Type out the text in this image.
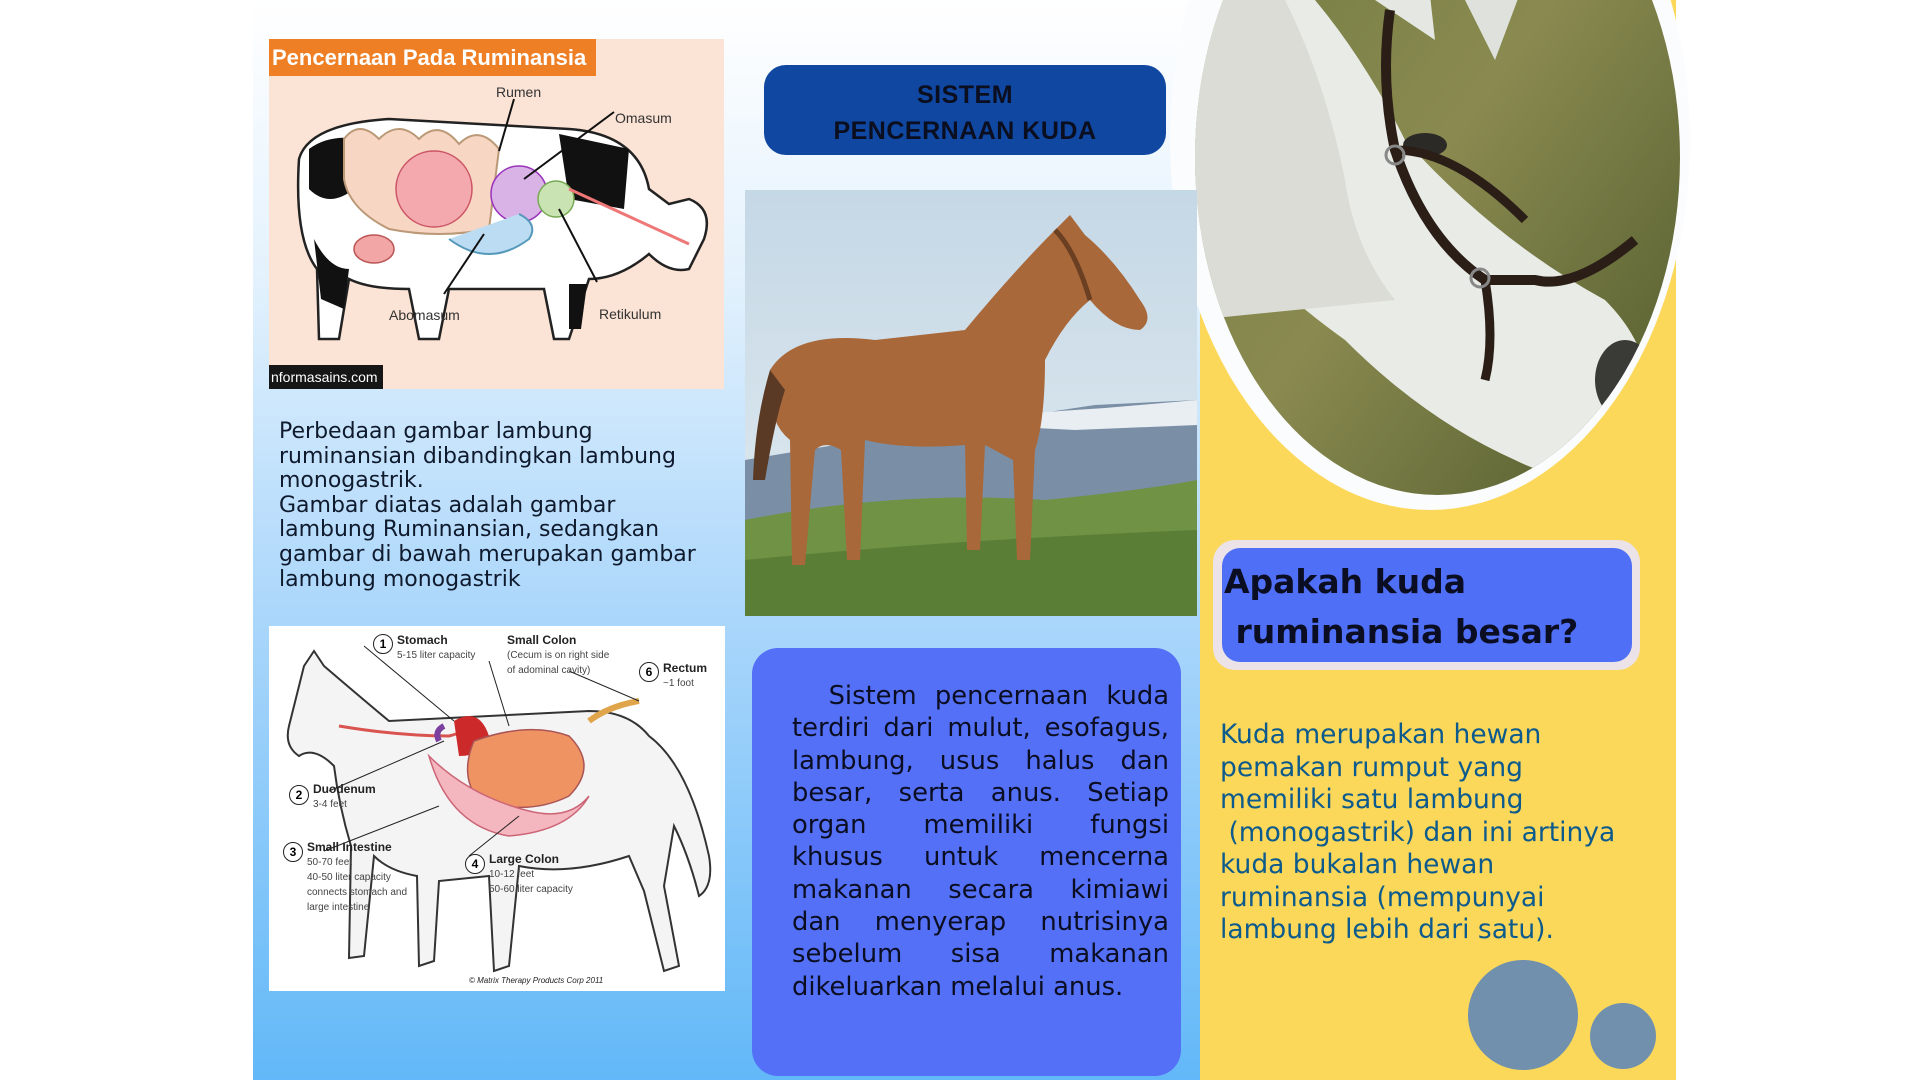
Pencernaan Pada Ruminansia
Rumen
Omasum
Abomasum	Retikulum
nformasains.com
SISTEM
PENCERNAAN KUDA
Perbedaan gambar lambung ruminansian dibandingkan lambung monogastrik.
Gambar diatas adalah gambar lambung Ruminansian, sedangkan gambar di bawah merupakan gambar lambung monogastrik
1 Stomach
5-15 liter capacity
Small Colon
(Cecum is on right side
of adominal cavity)	6 Rectum
~1 foot
2 Duodenum
3-4 feet
3 Small Intestine
50-70 feet
40-50 liter capacity
connects stomach and
large intestine
4 Large Colon
10-12 feet
50-60 liter capacity
© Matrix Therapy Products Corp 2011

Sistem pencernaan kuda terdiri dari mulut, esofagus, lambung, usus halus dan besar, serta anus. Setiap organ memiliki fungsi khusus untuk mencerna makanan secara kimiawi dan menyerap nutrisinya sebelum sisa makanan dikeluarkan melalui anus.

Apakah kuda
ruminansia besar?
Kuda merupakan hewan
pemakan rumput yang
memiliki satu lambung
(monogastrik) dan ini artinya
kuda bukalan hewan
ruminansia (mempunyai
lambung lebih dari satu).
